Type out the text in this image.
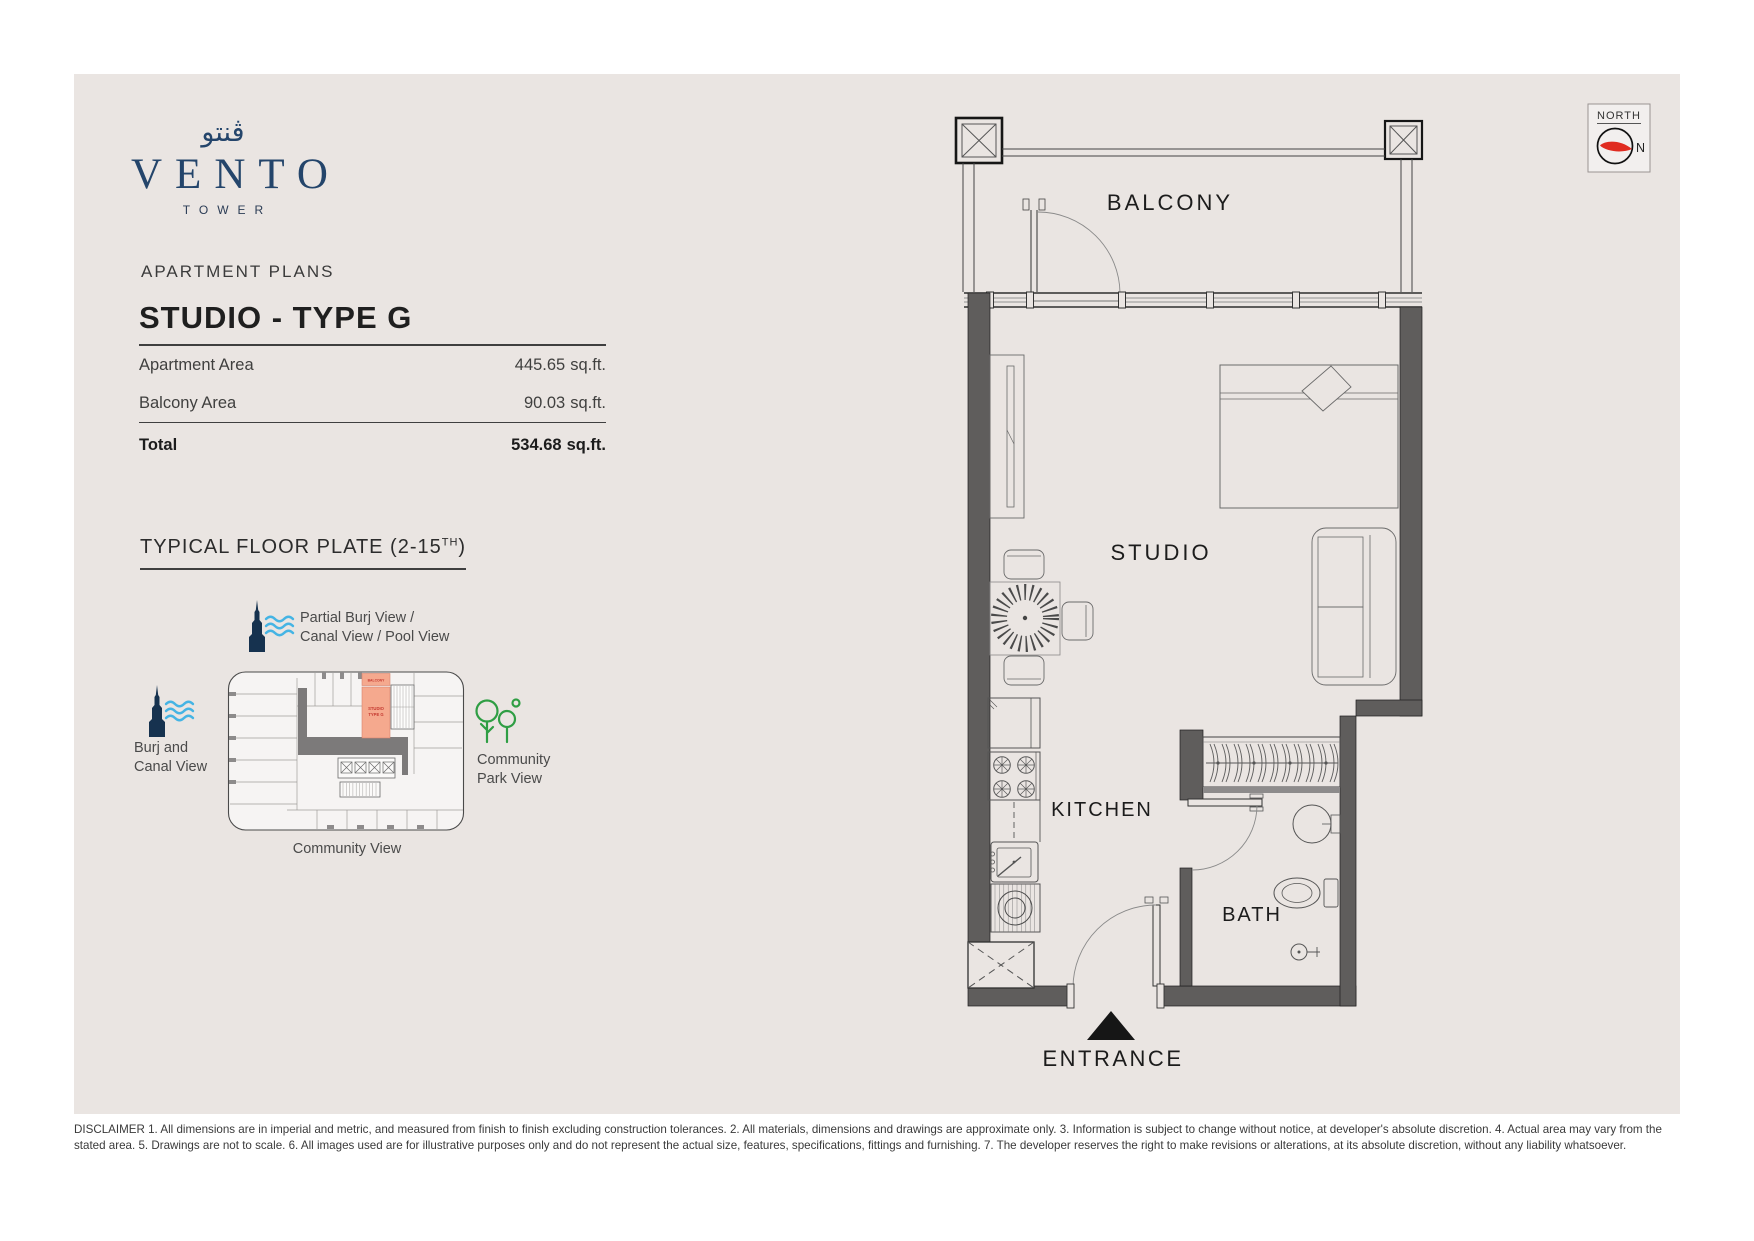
ڤنتو
VENTO
TOWER
APARTMENT PLANS
STUDIO - TYPE G
Apartment Area	445.65 sq.ft.
Balcony Area	90.03 sq.ft.
Total	534.68 sq.ft.
TYPICAL FLOOR PLATE (2-15TH)
Partial Burj View /
Canal View / Pool View
Burj and
Canal View	Community
Park View
BALCONY
STUDIO
TYPE G
Community View
BALCONY
ENTRANCE
KITCHEN
STUDIO
BATH
NORTH
N
DISCLAIMER 1. All dimensions are in imperial and metric, and measured from finish to finish excluding construction tolerances. 2. All materials, dimensions and drawings are approximate only. 3. Information is subject to change without notice, at developer's absolute discretion. 4. Actual area may vary from the stated area. 5. Drawings are not to scale. 6. All images used are for illustrative purposes only and do not represent the actual size, features, specifications, fittings and furnishing. 7. The developer reserves the right to make revisions or alterations, at its absolute discretion, without any liability whatsoever.
